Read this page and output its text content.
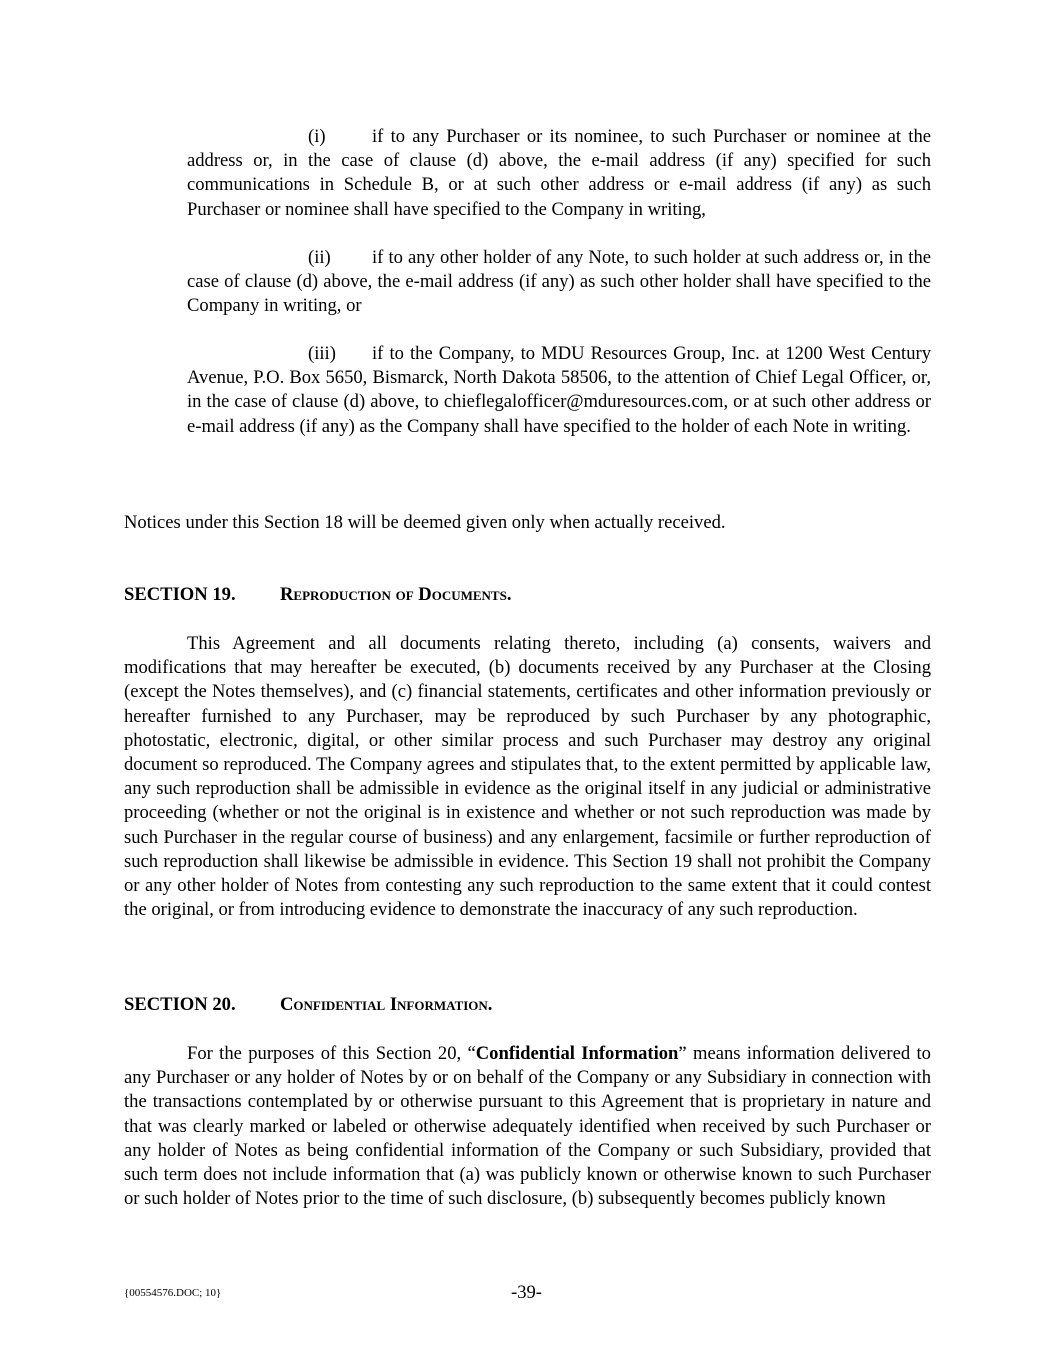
(i) if to any Purchaser or its nominee, to such Purchaser or nominee at the address or, in the case of clause (d) above, the e-mail address (if any) specified for such communications in Schedule B, or at such other address or e-mail address (if any) as such Purchaser or nominee shall have specified to the Company in writing,

(ii) if to any other holder of any Note, to such holder at such address or, in the case of clause (d) above, the e-mail address (if any) as such other holder shall have specified to the Company in writing, or

(iii) if to the Company, to MDU Resources Group, Inc. at 1200 West Century Avenue, P.O. Box 5650, Bismarck, North Dakota 58506, to the attention of Chief Legal Officer, or, in the case of clause (d) above, to chieflegalofficer@mduresources.com, or at such other address or e-mail address (if any) as the Company shall have specified to the holder of each Note in writing.

Notices under this Section 18 will be deemed given only when actually received.

SECTION 19. Reproduction of Documents.

This Agreement and all documents relating thereto, including (a) consents, waivers and modifications that may hereafter be executed, (b) documents received by any Purchaser at the Closing (except the Notes themselves), and (c) financial statements, certificates and other information previously or hereafter furnished to any Purchaser, may be reproduced by such Purchaser by any photographic, photostatic, electronic, digital, or other similar process and such Purchaser may destroy any original document so reproduced. The Company agrees and stipulates that, to the extent permitted by applicable law, any such reproduction shall be admissible in evidence as the original itself in any judicial or administrative proceeding (whether or not the original is in existence and whether or not such reproduction was made by such Purchaser in the regular course of business) and any enlargement, facsimile or further reproduction of such reproduction shall likewise be admissible in evidence. This Section 19 shall not prohibit the Company or any other holder of Notes from contesting any such reproduction to the same extent that it could contest the original, or from introducing evidence to demonstrate the inaccuracy of any such reproduction.

SECTION 20. Confidential Information.

For the purposes of this Section 20, “Confidential Information” means information delivered to any Purchaser or any holder of Notes by or on behalf of the Company or any Subsidiary in connection with the transactions contemplated by or otherwise pursuant to this Agreement that is proprietary in nature and that was clearly marked or labeled or otherwise adequately identified when received by such Purchaser or any holder of Notes as being confidential information of the Company or such Subsidiary, provided that such term does not include information that (a) was publicly known or otherwise known to such Purchaser or such holder of Notes prior to the time of such disclosure, (b) subsequently becomes publicly known

{00554576.DOC; 10}	-39-
